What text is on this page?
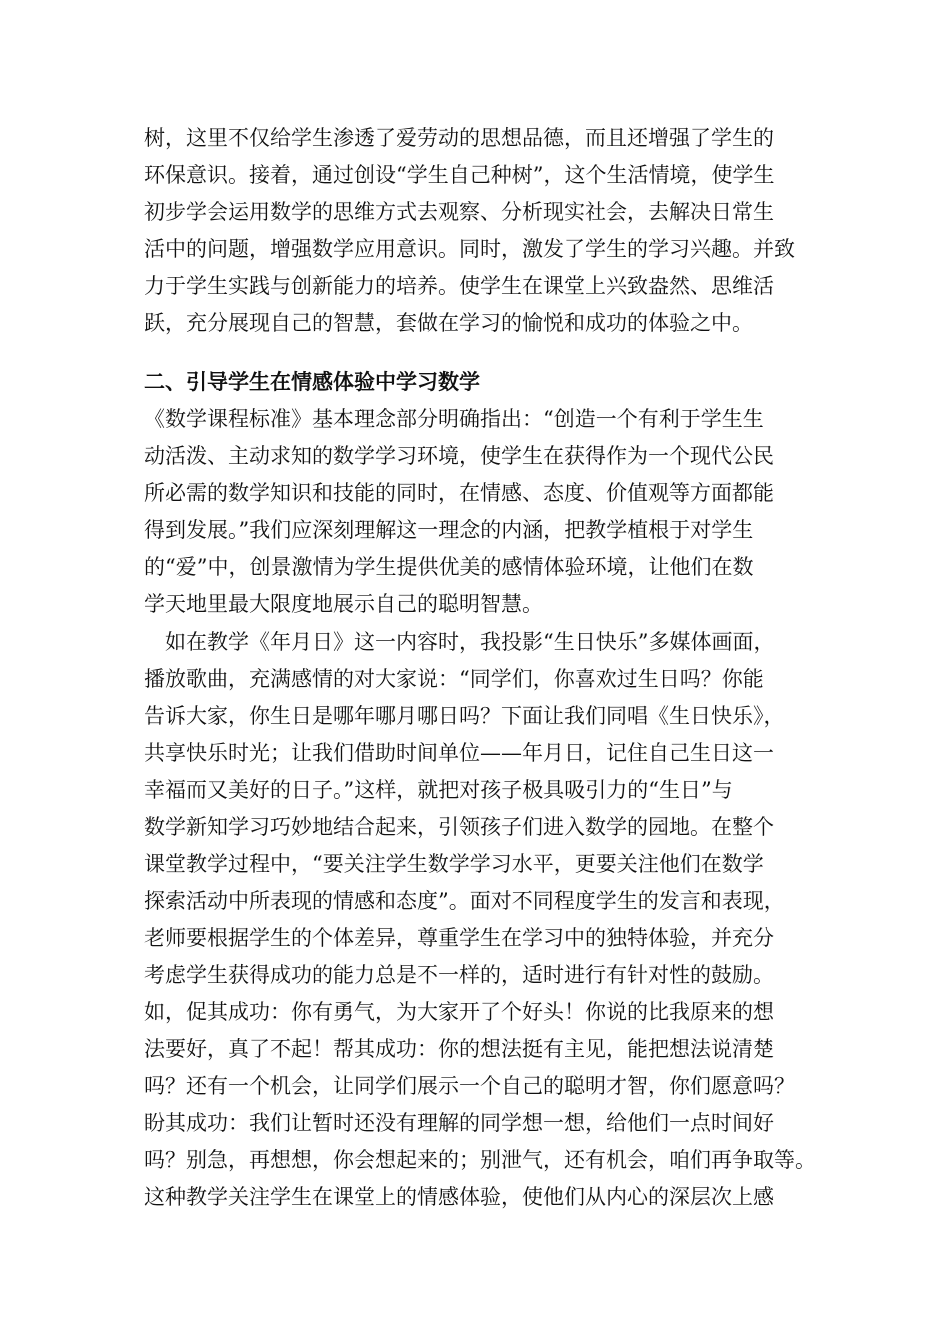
树，这里不仅给学生渗透了爱劳动的思想品德，而且还增强了学生的
环保意识。接着，通过创设“学生自己种树”，这个生活情境，使学生
初步学会运用数学的思维方式去观察、分析现实社会，去解决日常生
活中的问题，增强数学应用意识。同时，激发了学生的学习兴趣。并致
力于学生实践与创新能力的培养。使学生在课堂上兴致盎然、思维活
跃，充分展现自己的智慧，套做在学习的愉悦和成功的体验之中。
二、引导学生在情感体验中学习数学
《数学课程标准》基本理念部分明确指出：“创造一个有利于学生生
动活泼、主动求知的数学学习环境，使学生在获得作为一个现代公民
所必需的数学知识和技能的同时，在情感、态度、价值观等方面都能
得到发展。”我们应深刻理解这一理念的内涵，把教学植根于对学生
的“爱”中，创景激情为学生提供优美的感情体验环境，让他们在数
学天地里最大限度地展示自己的聪明智慧。
　如在教学《年月日》这一内容时，我投影“生日快乐”多媒体画面，
播放歌曲，充满感情的对大家说：“同学们，你喜欢过生日吗？你能
告诉大家，你生日是哪年哪月哪日吗？下面让我们同唱《生日快乐》，
共享快乐时光；让我们借助时间单位——年月日，记住自己生日这一
幸福而又美好的日子。”这样，就把对孩子极具吸引力的“生日”与
数学新知学习巧妙地结合起来，引领孩子们进入数学的园地。在整个
课堂教学过程中，“要关注学生数学学习水平，更要关注他们在数学
探索活动中所表现的情感和态度”。面对不同程度学生的发言和表现，
老师要根据学生的个体差异，尊重学生在学习中的独特体验，并充分
考虑学生获得成功的能力总是不一样的，适时进行有针对性的鼓励。
如，促其成功：你有勇气，为大家开了个好头！你说的比我原来的想
法要好，真了不起！帮其成功：你的想法挺有主见，能把想法说清楚
吗？还有一个机会，让同学们展示一个自己的聪明才智，你们愿意吗？
盼其成功：我们让暂时还没有理解的同学想一想，给他们一点时间好
吗？别急，再想想，你会想起来的；别泄气，还有机会，咱们再争取等。
这种教学关注学生在课堂上的情感体验，使他们从内心的深层次上感
